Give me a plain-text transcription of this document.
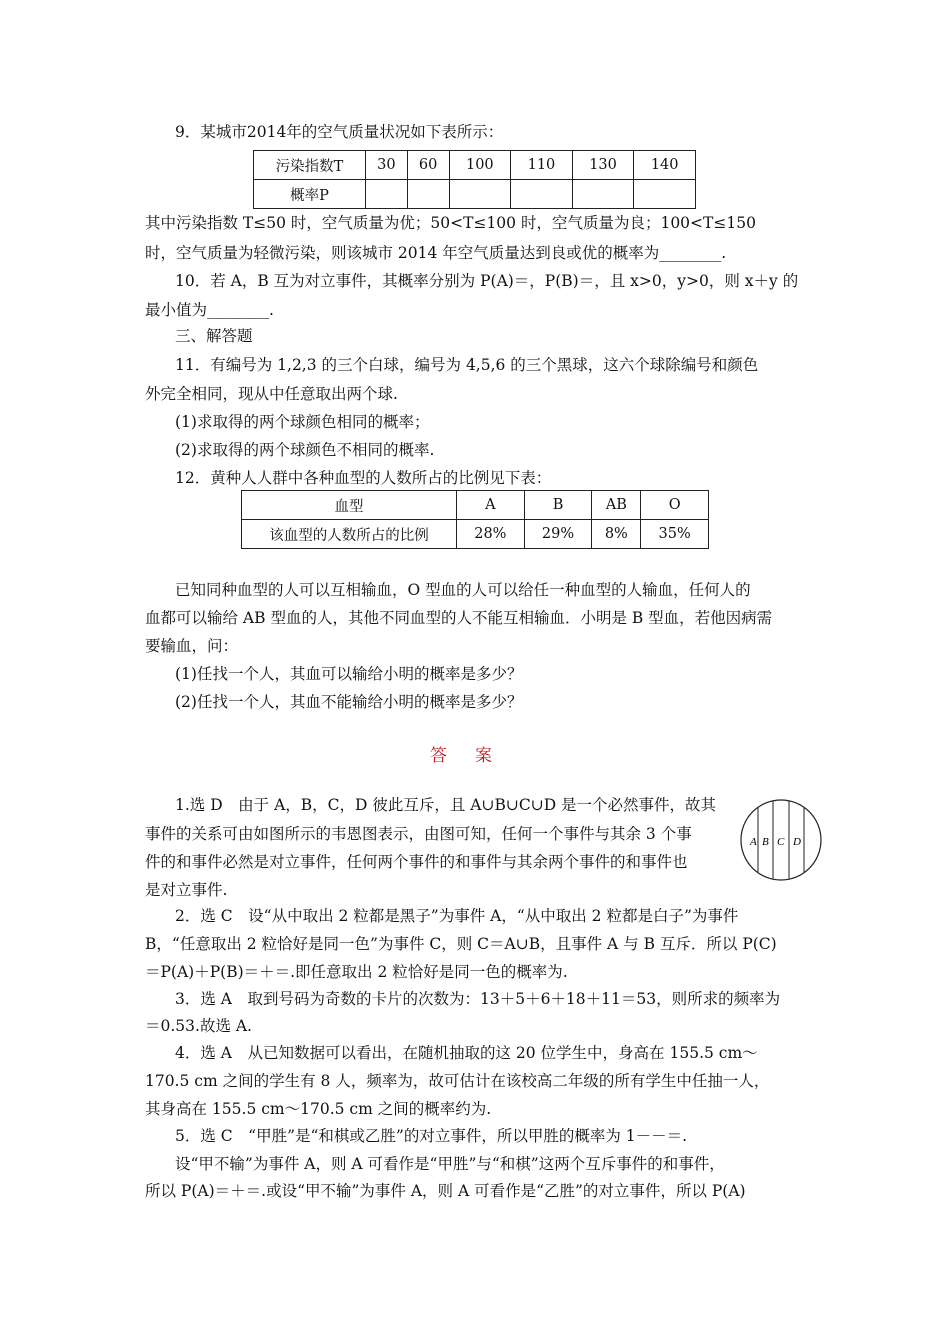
9．某城市2014年的空气质量状况如下表所示：
污染指数T	30	60	100	110	130	140
概率P						
其中污染指数 T≤50 时，空气质量为优；50<T≤100 时，空气质量为良；100<T≤150
时，空气质量为轻微污染，则该城市 2014 年空气质量达到良或优的概率为________.
10．若 A，B 互为对立事件，其概率分别为 P(A)＝，P(B)＝，且 x>0，y>0，则 x＋y 的
最小值为________.
三、解答题
11．有编号为 1,2,3 的三个白球，编号为 4,5,6 的三个黑球，这六个球除编号和颜色
外完全相同，现从中任意取出两个球.
(1)求取得的两个球颜色相同的概率；
(2)求取得的两个球颜色不相同的概率.
12．黄种人人群中各种血型的人数所占的比例见下表：
血型	A	B	AB	O
该血型的人数所占的比例	28%	29%	8%	35%
已知同种血型的人可以互相输血，O 型血的人可以给任一种血型的人输血，任何人的
血都可以输给 AB 型血的人，其他不同血型的人不能互相输血．小明是 B 型血，若他因病需
要输血，问：
(1)任找一个人，其血可以输给小明的概率是多少？
(2)任找一个人，其血不能输给小明的概率是多少？
答案
1.选 D　由于 A，B，C，D 彼此互斥，且 A∪B∪C∪D 是一个必然事件，故其
事件的关系可由如图所示的韦恩图表示，由图可知，任何一个事件与其余 3 个事
件的和事件必然是对立事件，任何两个事件的和事件与其余两个事件的和事件也
是对立事件.
A B C D
2．选 C　设“从中取出 2 粒都是黑子”为事件 A，“从中取出 2 粒都是白子”为事件
B，“任意取出 2 粒恰好是同一色”为事件 C，则 C＝A∪B，且事件 A 与 B 互斥．所以 P(C)
＝P(A)＋P(B)＝＋＝.即任意取出 2 粒恰好是同一色的概率为.
3．选 A　取到号码为奇数的卡片的次数为：13＋5＋6＋18＋11＝53，则所求的频率为
＝0.53.故选 A.
4．选 A　从已知数据可以看出，在随机抽取的这 20 位学生中，身高在 155.5 cm～
170.5 cm 之间的学生有 8 人，频率为，故可估计在该校高二年级的所有学生中任抽一人，
其身高在 155.5 cm～170.5 cm 之间的概率约为.
5．选 C　“甲胜”是“和棋或乙胜”的对立事件，所以甲胜的概率为 1－－＝.
设“甲不输”为事件 A，则 A 可看作是“甲胜”与“和棋”这两个互斥事件的和事件，
所以 P(A)＝＋＝.或设“甲不输”为事件 A，则 A 可看作是“乙胜”的对立事件，所以 P(A)
